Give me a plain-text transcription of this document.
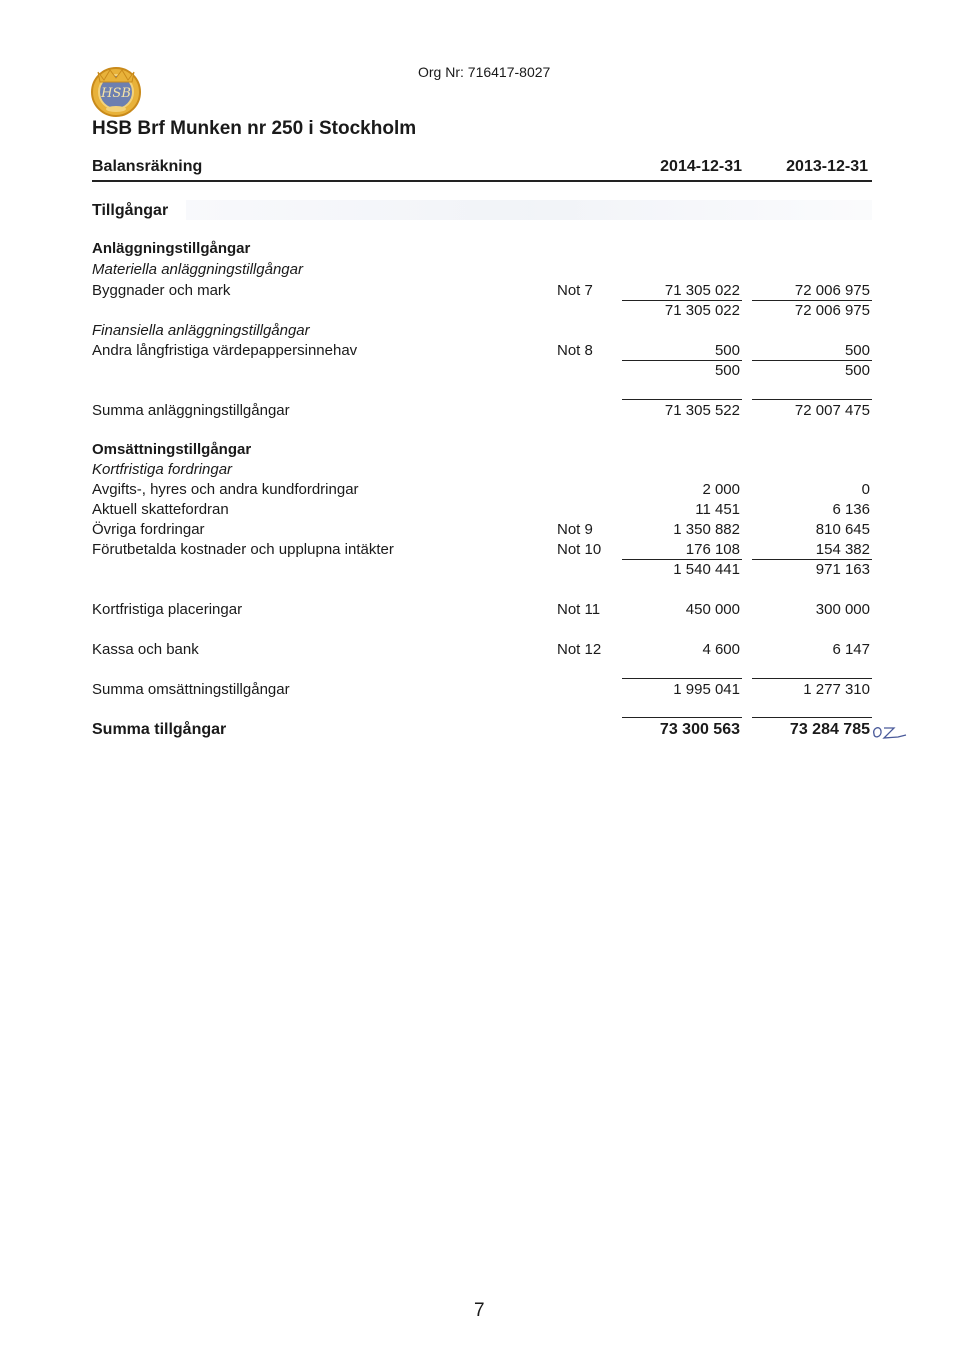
HSB
Org Nr: 716417-8027
HSB Brf Munken nr 250 i Stockholm
Balansräkning	2014-12-31	2013-12-31
Tillgångar
Anläggningstillgångar
Materiella anläggningstillgångar
Byggnader och mark	Not 7	71 305 022	72 006 975
71 305 022	72 006 975
Finansiella anläggningstillgångar
Andra långfristiga värdepappersinnehav	Not 8	500	500
500	500
Summa anläggningstillgångar	71 305 522	72 007 475
Omsättningstillgångar
Kortfristiga fordringar
Avgifts-, hyres och andra kundfordringar	2 000	0
Aktuell skattefordran	11 451	6 136
Övriga fordringar	Not 9	1 350 882	810 645
Förutbetalda kostnader och upplupna intäkter	Not 10	176 108	154 382
1 540 441	971 163
Kortfristiga placeringar	Not 11	450 000	300 000
Kassa och bank	Not 12	4 600	6 147
Summa omsättningstillgångar	1 995 041	1 277 310
Summa tillgångar	73 300 563	73 284 785
7
